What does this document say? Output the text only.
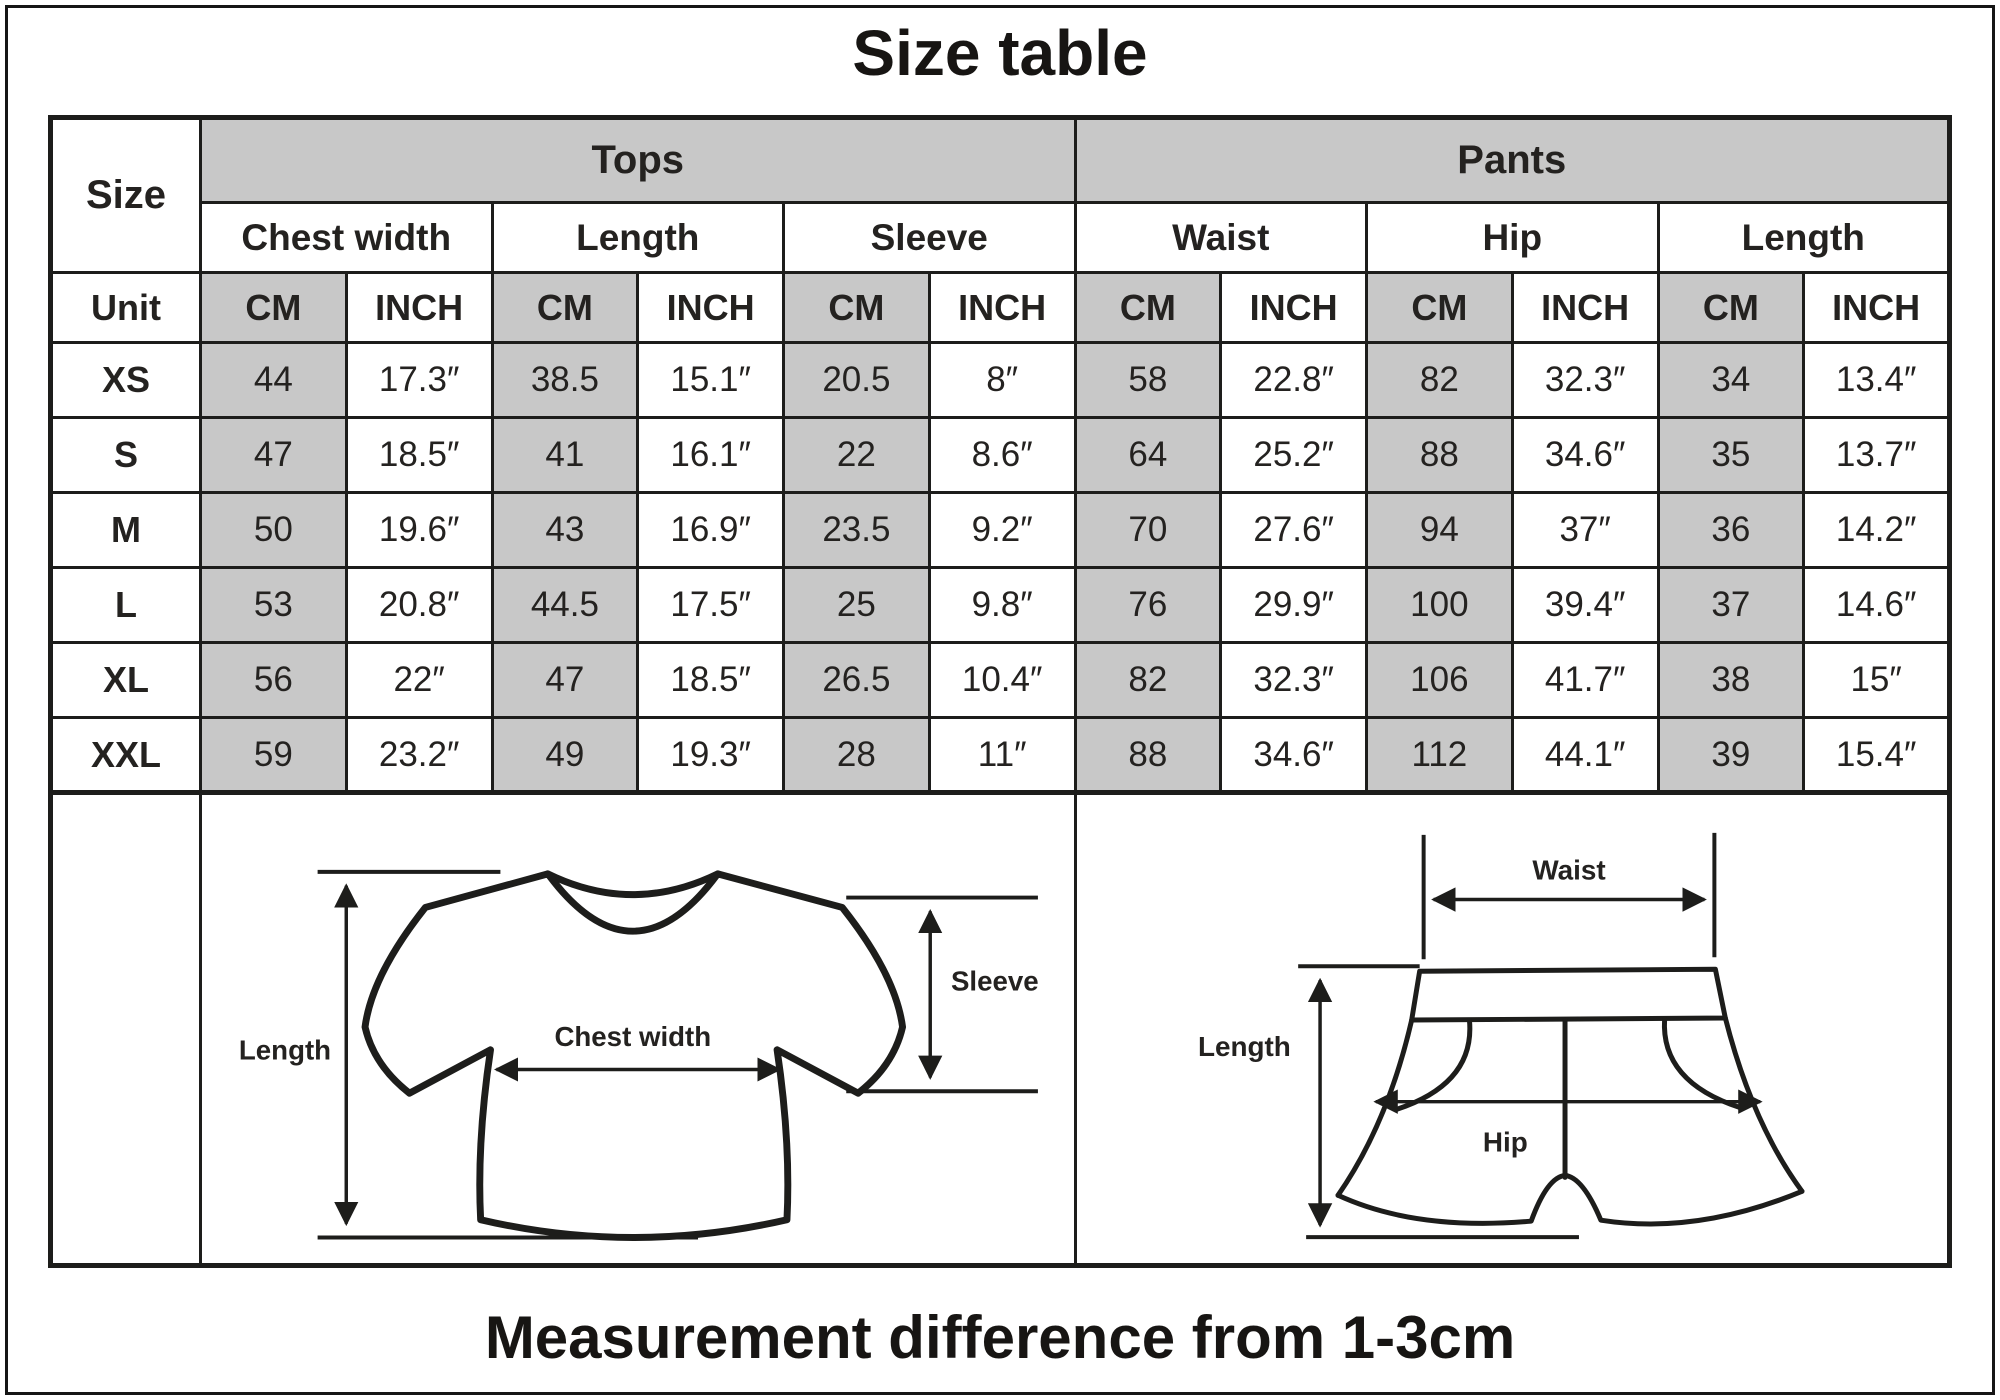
Size table
Size	Tops						Pants					
	Chest width		Length		Sleeve		Waist		Hip		Length	
Unit	CM	INCH	CM	INCH	CM	INCH	CM	INCH	CM	INCH	CM	INCH
XS	44	17.3″	38.5	15.1″	20.5	8″	58	22.8″	82	32.3″	34	13.4″
S	47	18.5″	41	16.1″	22	8.6″	64	25.2″	88	34.6″	35	13.7″
M	50	19.6″	43	16.9″	23.5	9.2″	70	27.6″	94	37″	36	14.2″
L	53	20.8″	44.5	17.5″	25	9.8″	76	29.9″	100	39.4″	37	14.6″
XL	56	22″	47	18.5″	26.5	10.4″	82	32.3″	106	41.7″	38	15″
XXL	59	23.2″	49	19.3″	28	11″	88	34.6″	112	44.1″	39	15.4″

Length Chest width
Sleeve						Waist
Length
Hip					
Measurement difference from 1-3cm
